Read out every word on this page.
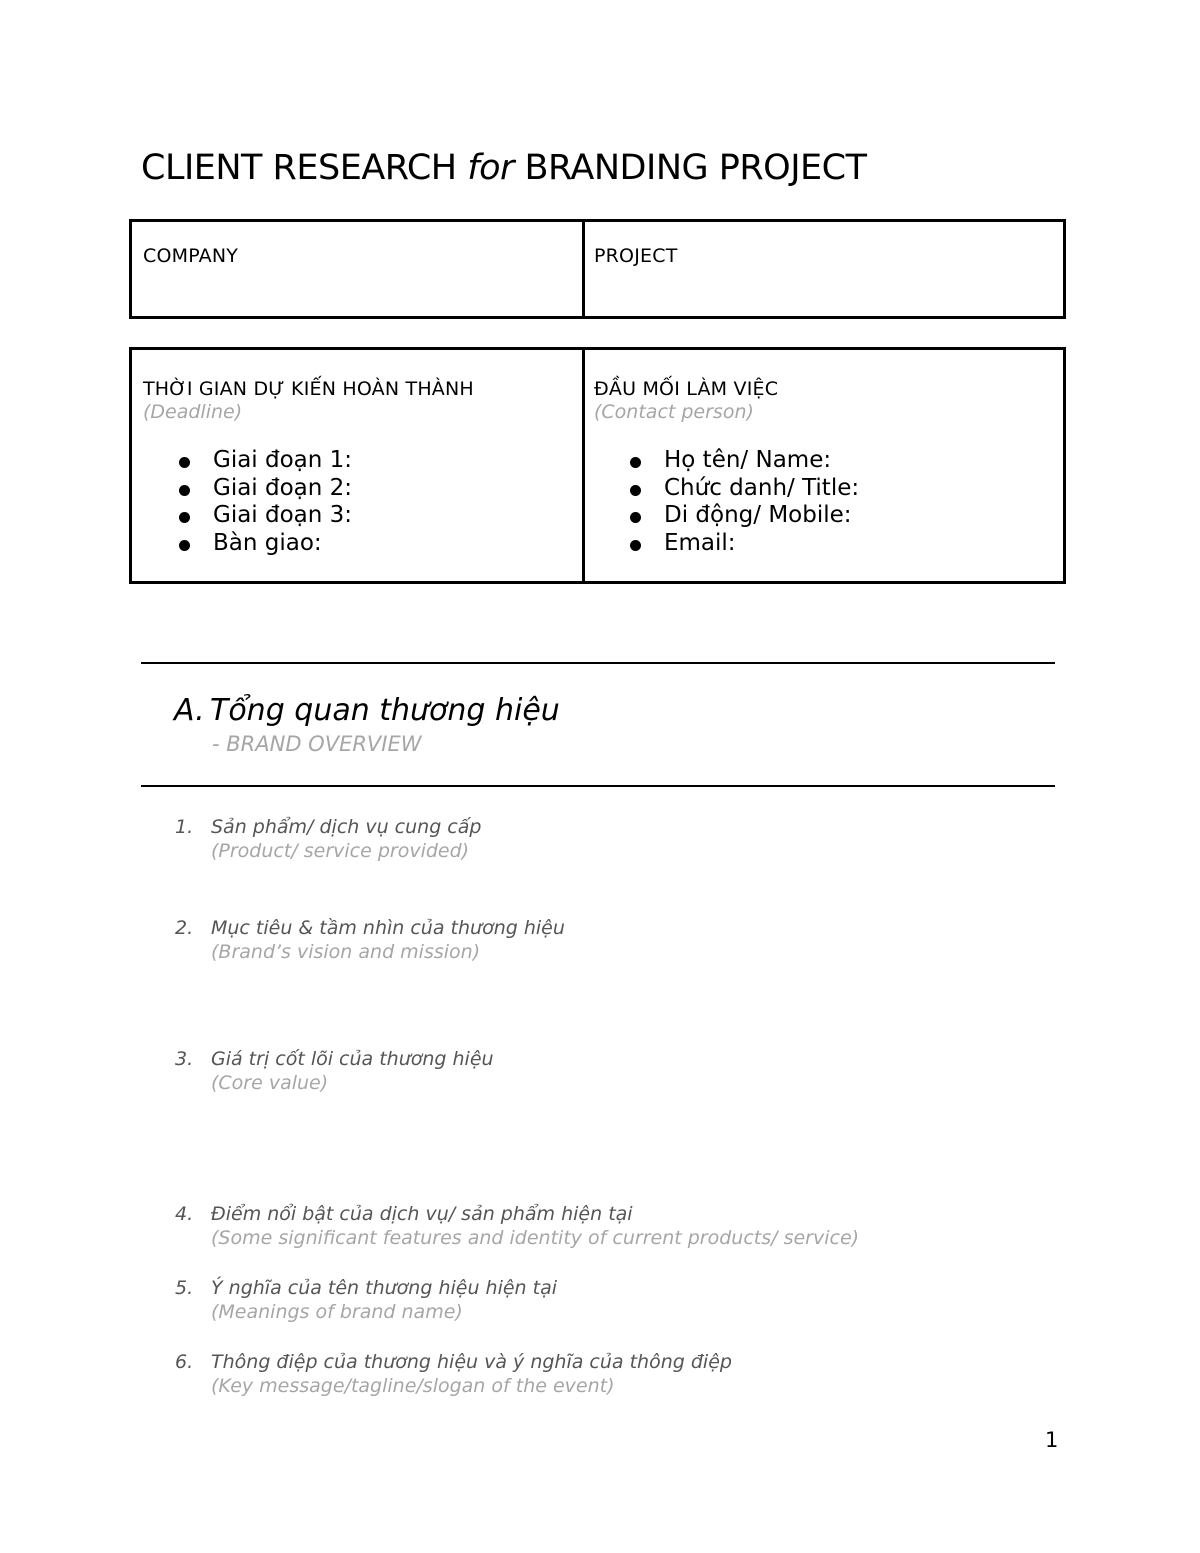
CLIENT RESEARCH for BRANDING PROJECT
COMPANY	PROJECT
THỜI GIAN DỰ KIẾN HOÀN THÀNH
(Deadline)
Giai đoạn 1:
Giai đoạn 2:
Giai đoạn 3:
Bàn giao:
ĐẦU MỐI LÀM VIỆC
(Contact person)
Họ tên/ Name:
Chức danh/ Title:
Di động/ Mobile:
Email:
A. Tổng quan thương hiệu
- BRAND OVERVIEW
1. Sản phẩm/ dịch vụ cung cấp
(Product/ service provided)
2. Mục tiêu & tầm nhìn của thương hiệu
(Brand’s vision and mission)
3. Giá trị cốt lõi của thương hiệu
(Core value)
4. Điểm nổi bật của dịch vụ/ sản phẩm hiện tại
(Some significant features and identity of current products/ service)
5. Ý nghĩa của tên thương hiệu hiện tại
(Meanings of brand name)
6. Thông điệp của thương hiệu và ý nghĩa của thông điệp
(Key message/tagline/slogan of the event)
1
